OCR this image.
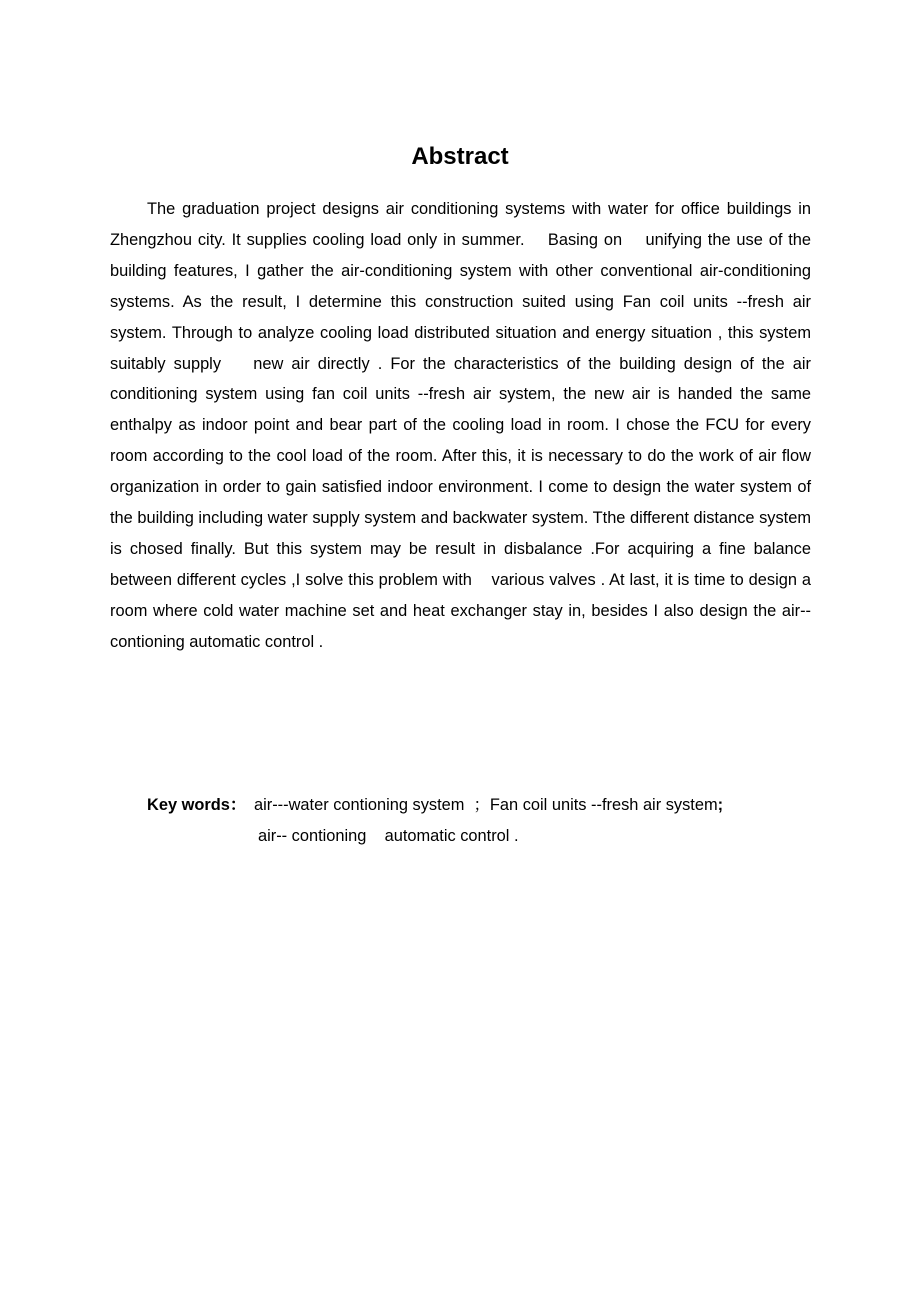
Abstract

The graduation project designs air conditioning systems with water for office buildings in Zhengzhou city. It supplies cooling load only in summer.    Basing on    unifying the use of the building features, I gather the air-conditioning system with other conventional air-conditioning systems. As the result, I determine this construction suited using Fan coil units --fresh air system. Through to analyze cooling load distributed situation and energy situation , this system suitably supply    new air directly . For the characteristics of the building design of the air conditioning system using fan coil units --fresh air system, the new air is handed the same enthalpy as indoor point and bear part of the cooling load in room. I chose the FCU for every room according to the cool load of the room. After this, it is necessary to do the work of air flow organization in order to gain satisfied indoor environment. I come to design the water system of the building including water supply system and backwater system. Tthe different distance system is chosed finally. But this system may be result in disbalance .For acquiring a fine balance between different cycles ,I solve this problem with    various valves . At last, it is time to design a room where cold water machine set and heat exchanger stay in, besides I also design the air-- contioning automatic control .

Key words： air---water contioning system  ；Fan coil units --fresh air system;
air-- contioning    automatic control .
